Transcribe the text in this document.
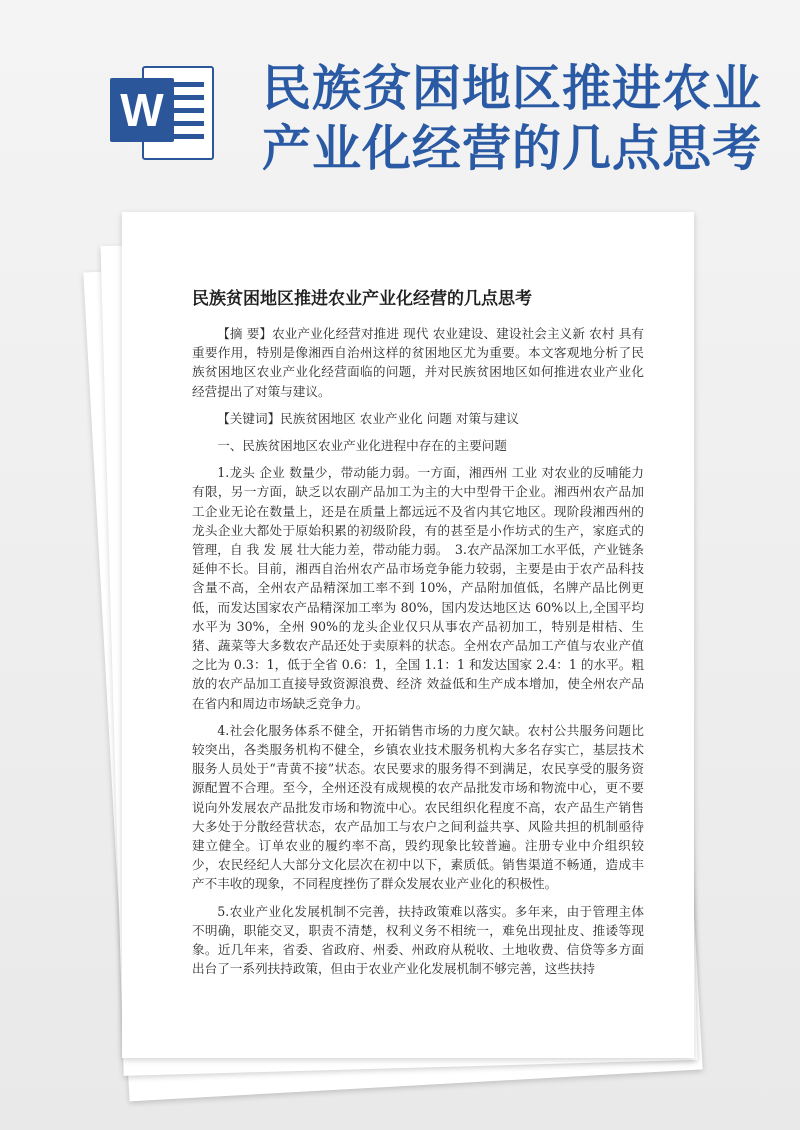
W 民族贫困地区推进农业产业化经营的几点思考
民族贫困地区推进农业产业化经营的几点思考

【摘 要】农业产业化经营对推进 现代 农业建设、建设社会主义新 农村 具有重要作用，特别是像湘西自治州这样的贫困地区尤为重要。本文客观地分析了民族贫困地区农业产业化经营面临的问题，并对民族贫困地区如何推进农业产业化经营提出了对策与建议。

【关键词】民族贫困地区 农业产业化 问题 对策与建议

一、民族贫困地区农业产业化进程中存在的主要问题

1.龙头 企业 数量少，带动能力弱。一方面，湘西州 工业 对农业的反哺能力有限，另一方面，缺乏以农副产品加工为主的大中型骨干企业。湘西州农产品加工企业无论在数量上，还是在质量上都远远不及省内其它地区。现阶段湘西州的龙头企业大都处于原始积累的初级阶段，有的甚至是小作坊式的生产，家庭式的管理，自 我 发 展 壮大能力差，带动能力弱。　3.农产品深加工水平低，产业链条延伸不长。目前，湘西自治州农产品市场竞争能力较弱，主要是由于农产品科技含量不高，全州农产品精深加工率不到 10%，产品附加值低，名牌产品比例更低，而发达国家农产品精深加工率为 80%，国内发达地区达 60%以上,全国平均水平为 30%，全州 90%的龙头企业仅只从事农产品初加工，特别是柑桔、生猪、蔬菜等大多数农产品还处于卖原料的状态。全州农产品加工产值与农业产值之比为 0.3：1，低于全省 0.6：1，全国 1.1：1 和发达国家 2.4：1 的水平。粗放的农产品加工直接导致资源浪费、经济 效益低和生产成本增加，使全州农产品在省内和周边市场缺乏竞争力。

4.社会化服务体系不健全，开拓销售市场的力度欠缺。农村公共服务问题比较突出，各类服务机构不健全，乡镇农业技术服务机构大多名存实亡，基层技术服务人员处于“青黄不接”状态。农民要求的服务得不到满足，农民享受的服务资源配置不合理。至今，全州还没有成规模的农产品批发市场和物流中心，更不要说向外发展农产品批发市场和物流中心。农民组织化程度不高，农产品生产销售大多处于分散经营状态，农产品加工与农户之间利益共享、风险共担的机制亟待建立健全。订单农业的履约率不高，毁约现象比较普遍。注册专业中介组织较少，农民经纪人大部分文化层次在初中以下，素质低。销售渠道不畅通，造成丰产不丰收的现象，不同程度挫伤了群众发展农业产业化的积极性。

5.农业产业化发展机制不完善，扶持政策难以落实。多年来，由于管理主体不明确，职能交叉，职责不清楚，权利义务不相统一，难免出现扯皮、推诿等现象。近几年来，省委、省政府、州委、州政府从税收、土地收费、信贷等多方面出台了一系列扶持政策，但由于农业产业化发展机制不够完善，这些扶持
